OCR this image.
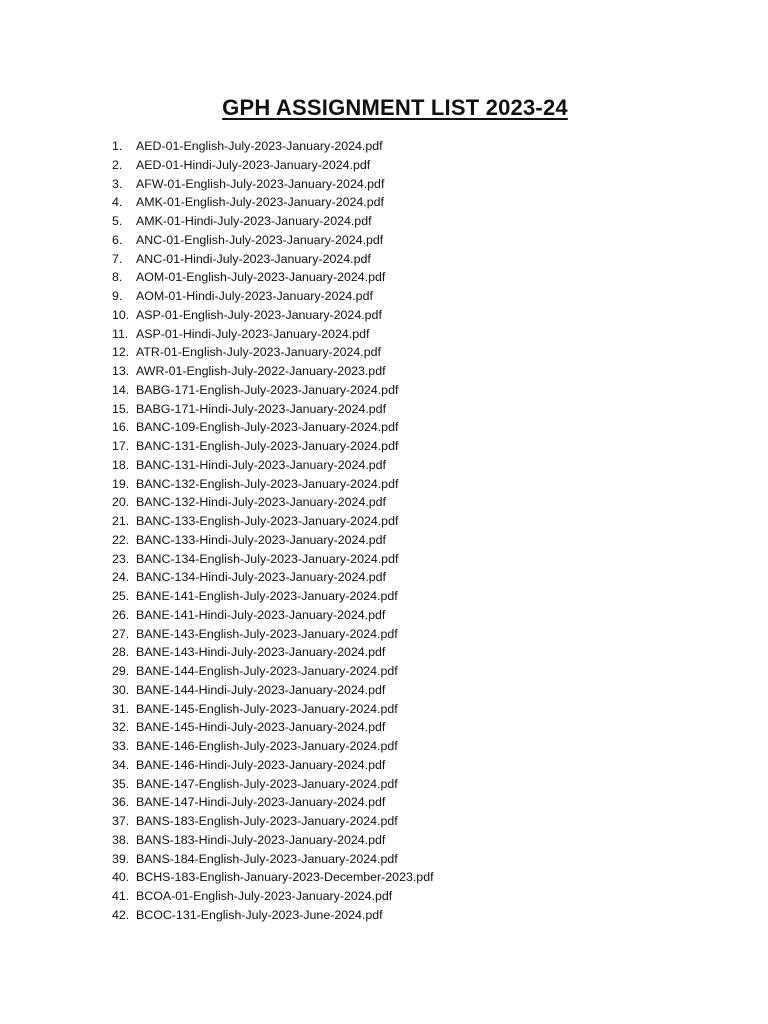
GPH ASSIGNMENT LIST 2023-24
1.	AED-01-English-July-2023-January-2024.pdf
2.	AED-01-Hindi-July-2023-January-2024.pdf
3.	AFW-01-English-July-2023-January-2024.pdf
4.	AMK-01-English-July-2023-January-2024.pdf
5.	AMK-01-Hindi-July-2023-January-2024.pdf
6.	ANC-01-English-July-2023-January-2024.pdf
7.	ANC-01-Hindi-July-2023-January-2024.pdf
8.	AOM-01-English-July-2023-January-2024.pdf
9.	AOM-01-Hindi-July-2023-January-2024.pdf
10. ASP-01-English-July-2023-January-2024.pdf
11. ASP-01-Hindi-July-2023-January-2024.pdf
12. ATR-01-English-July-2023-January-2024.pdf
13. AWR-01-English-July-2022-January-2023.pdf
14. BABG-171-English-July-2023-January-2024.pdf
15. BABG-171-Hindi-July-2023-January-2024.pdf
16. BANC-109-English-July-2023-January-2024.pdf
17. BANC-131-English-July-2023-January-2024.pdf
18. BANC-131-Hindi-July-2023-January-2024.pdf
19. BANC-132-English-July-2023-January-2024.pdf
20. BANC-132-Hindi-July-2023-January-2024.pdf
21. BANC-133-English-July-2023-January-2024.pdf
22. BANC-133-Hindi-July-2023-January-2024.pdf
23. BANC-134-English-July-2023-January-2024.pdf
24. BANC-134-Hindi-July-2023-January-2024.pdf
25. BANE-141-English-July-2023-January-2024.pdf
26. BANE-141-Hindi-July-2023-January-2024.pdf
27. BANE-143-English-July-2023-January-2024.pdf
28. BANE-143-Hindi-July-2023-January-2024.pdf
29. BANE-144-English-July-2023-January-2024.pdf
30. BANE-144-Hindi-July-2023-January-2024.pdf
31. BANE-145-English-July-2023-January-2024.pdf
32. BANE-145-Hindi-July-2023-January-2024.pdf
33. BANE-146-English-July-2023-January-2024.pdf
34. BANE-146-Hindi-July-2023-January-2024.pdf
35. BANE-147-English-July-2023-January-2024.pdf
36. BANE-147-Hindi-July-2023-January-2024.pdf
37. BANS-183-English-July-2023-January-2024.pdf
38. BANS-183-Hindi-July-2023-January-2024.pdf
39. BANS-184-English-July-2023-January-2024.pdf
40. BCHS-183-English-January-2023-December-2023.pdf
41. BCOA-01-English-July-2023-January-2024.pdf
42. BCOC-131-English-July-2023-June-2024.pdf
